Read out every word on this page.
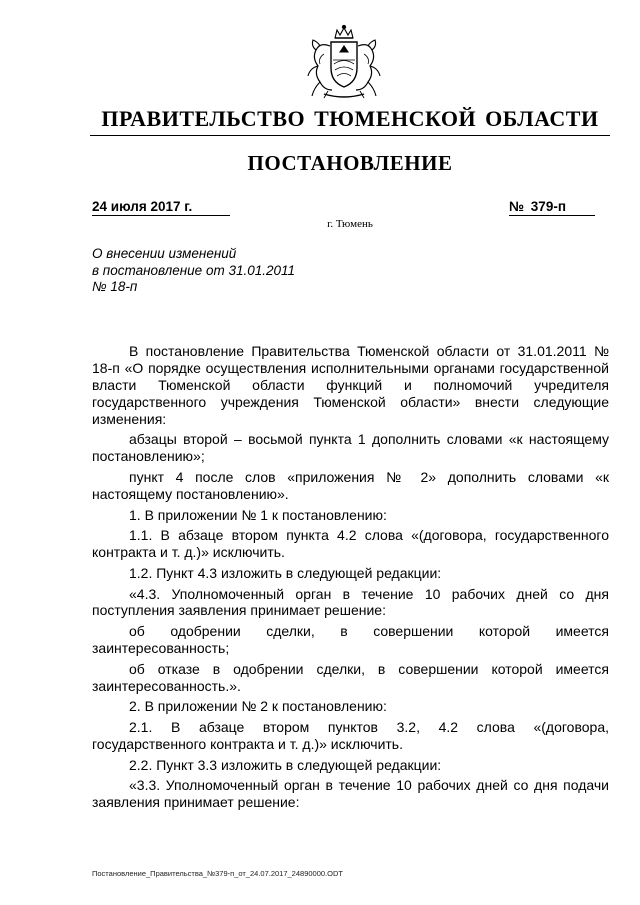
ПРАВИТЕЛЬСТВО ТЮМЕНСКОЙ ОБЛАСТИ
ПОСТАНОВЛЕНИЕ
24 июля 2017 г.	№ 379-п
г. Тюмень
О внесении изменений
в постановление от 31.01.2011
№ 18-п

В постановление Правительства Тюменской области от 31.01.2011 № 18-п «О порядке осуществления исполнительными органами государственной власти Тюменской области функций и полномочий учредителя государственного учреждения Тюменской области» внести следующие изменения:

абзацы второй – восьмой пункта 1 дополнить словами «к настоящему постановлению»;

пункт 4 после слов «приложения № 2» дополнить словами «к настоящему постановлению».

1. В приложении № 1 к постановлению:

1.1. В абзаце втором пункта 4.2 слова «(договора, государственного контракта и т. д.)» исключить.

1.2. Пункт 4.3 изложить в следующей редакции:

«4.3. Уполномоченный орган в течение 10 рабочих дней со дня поступления заявления принимает решение:

об одобрении сделки, в совершении которой имеется заинтересованность;

об отказе в одобрении сделки, в совершении которой имеется заинтересованность.».

2. В приложении № 2 к постановлению:

2.1. В абзаце втором пунктов 3.2, 4.2 слова «(договора, государственного контракта и т. д.)» исключить.

2.2. Пункт 3.3 изложить в следующей редакции:

«3.3. Уполномоченный орган в течение 10 рабочих дней со дня подачи заявления принимает решение:

Постановление_Правительства_№379-п_от_24.07.2017_24890000.ODT
